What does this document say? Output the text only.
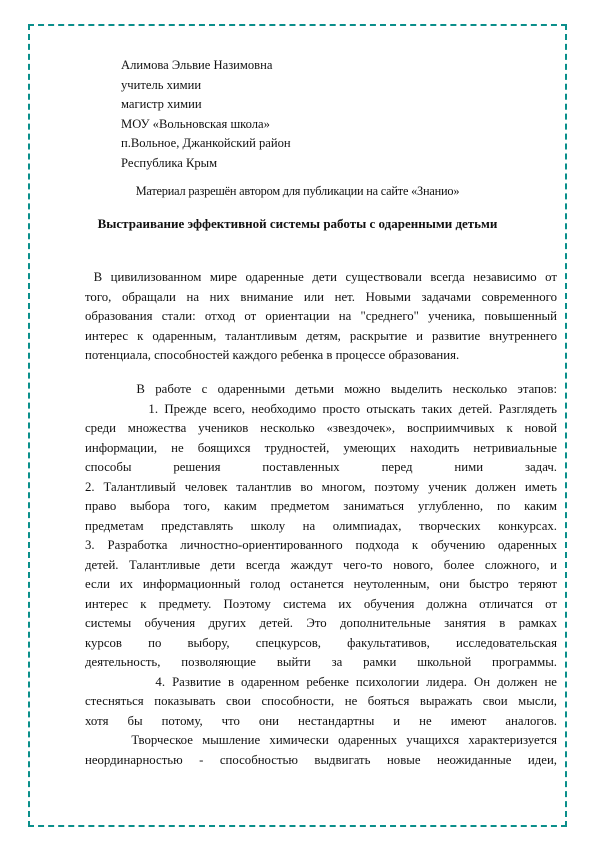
Алимова Эльвие Назимовна
учитель химии
магистр химии
МОУ «Вольновская школа»
п.Вольное, Джанкойский район
Республика Крым
Материал разрешён автором для публикации на сайте «Знанио»
Выстраивание эффективной системы работы с одаренными детьми
В цивилизованном мире одаренные дети существовали всегда независимо от
того, обращали на них внимание или нет. Новыми задачами современного
образования стали: отход от ориентации на "среднего" ученика, повышенный
интерес к одаренным, талантливым детям, раскрытие и развитие внутреннего
потенциала, способностей каждого ребенка в процессе образования.
В работе с одаренными детьми можно выделить несколько этапов:
1. Прежде всего, необходимо просто отыскать таких детей. Разглядеть
среди множества учеников несколько «звездочек», восприимчивых к новой
информации, не боящихся трудностей, умеющих находить нетривиальные
способы решения поставленных перед ними задач.
2. Талантливый человек талантлив во многом, поэтому ученик должен иметь
право выбора того, каким предметом заниматься углубленно, по каким
предметам представлять школу на олимпиадах, творческих конкурсах.
3. Разработка личностно-ориентированного подхода к обучению одаренных
детей. Талантливые дети всегда жаждут чего-то нового, более сложного, и
если их информационный голод останется неутоленным, они быстро теряют
интерес к предмету. Поэтому система их обучения должна отличатся от
системы обучения других детей. Это дополнительные занятия в рамках
курсов по выбору, спецкурсов, факультативов, исследовательская
деятельность, позволяющие выйти за рамки школьной программы.
4. Развитие в одаренном ребенке психологии лидера. Он должен не
стесняться показывать свои способности, не бояться выражать свои мысли,
хотя бы потому, что они нестандартны и не имеют аналогов.
Творческое мышление химически одаренных учащихся характеризуется
неординарностью - способностью выдвигать новые неожиданные идеи,
